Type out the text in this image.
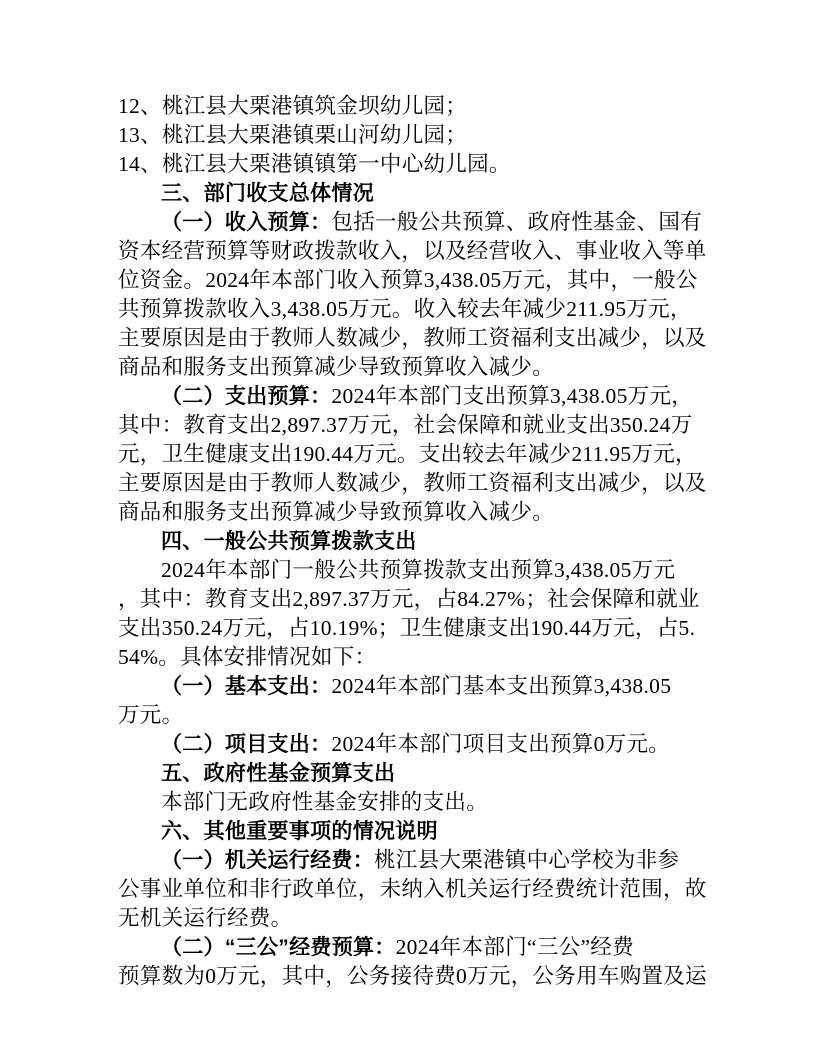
12、桃江县大栗港镇筑金坝幼儿园；
13、桃江县大栗港镇栗山河幼儿园；
14、桃江县大栗港镇镇第一中心幼儿园。
三、部门收支总体情况
（一）收入预算：包括一般公共预算、政府性基金、国有
资本经营预算等财政拨款收入，以及经营收入、事业收入等单
位资金。2024年本部门收入预算3,438.05万元，其中，一般公
共预算拨款收入3,438.05万元。收入较去年减少211.95万元，
主要原因是由于教师人数减少，教师工资福利支出减少，以及
商品和服务支出预算减少导致预算收入减少。
（二）支出预算：2024年本部门支出预算3,438.05万元，
其中：教育支出2,897.37万元，社会保障和就业支出350.24万
元，卫生健康支出190.44万元。支出较去年减少211.95万元，
主要原因是由于教师人数减少，教师工资福利支出减少，以及
商品和服务支出预算减少导致预算收入减少。
四、一般公共预算拨款支出
2024年本部门一般公共预算拨款支出预算3,438.05万元
，其中：教育支出2,897.37万元，占84.27%；社会保障和就业
支出350.24万元，占10.19%；卫生健康支出190.44万元，占5.
54%。具体安排情况如下：
（一）基本支出：2024年本部门基本支出预算3,438.05
万元。
（二）项目支出：2024年本部门项目支出预算0万元。
五、政府性基金预算支出
本部门无政府性基金安排的支出。
六、其他重要事项的情况说明
（一）机关运行经费：桃江县大栗港镇中心学校为非参
公事业单位和非行政单位，未纳入机关运行经费统计范围，故
无机关运行经费。
（二）“三公”经费预算：2024年本部门“三公”经费
预算数为0万元，其中，公务接待费0万元，公务用车购置及运
